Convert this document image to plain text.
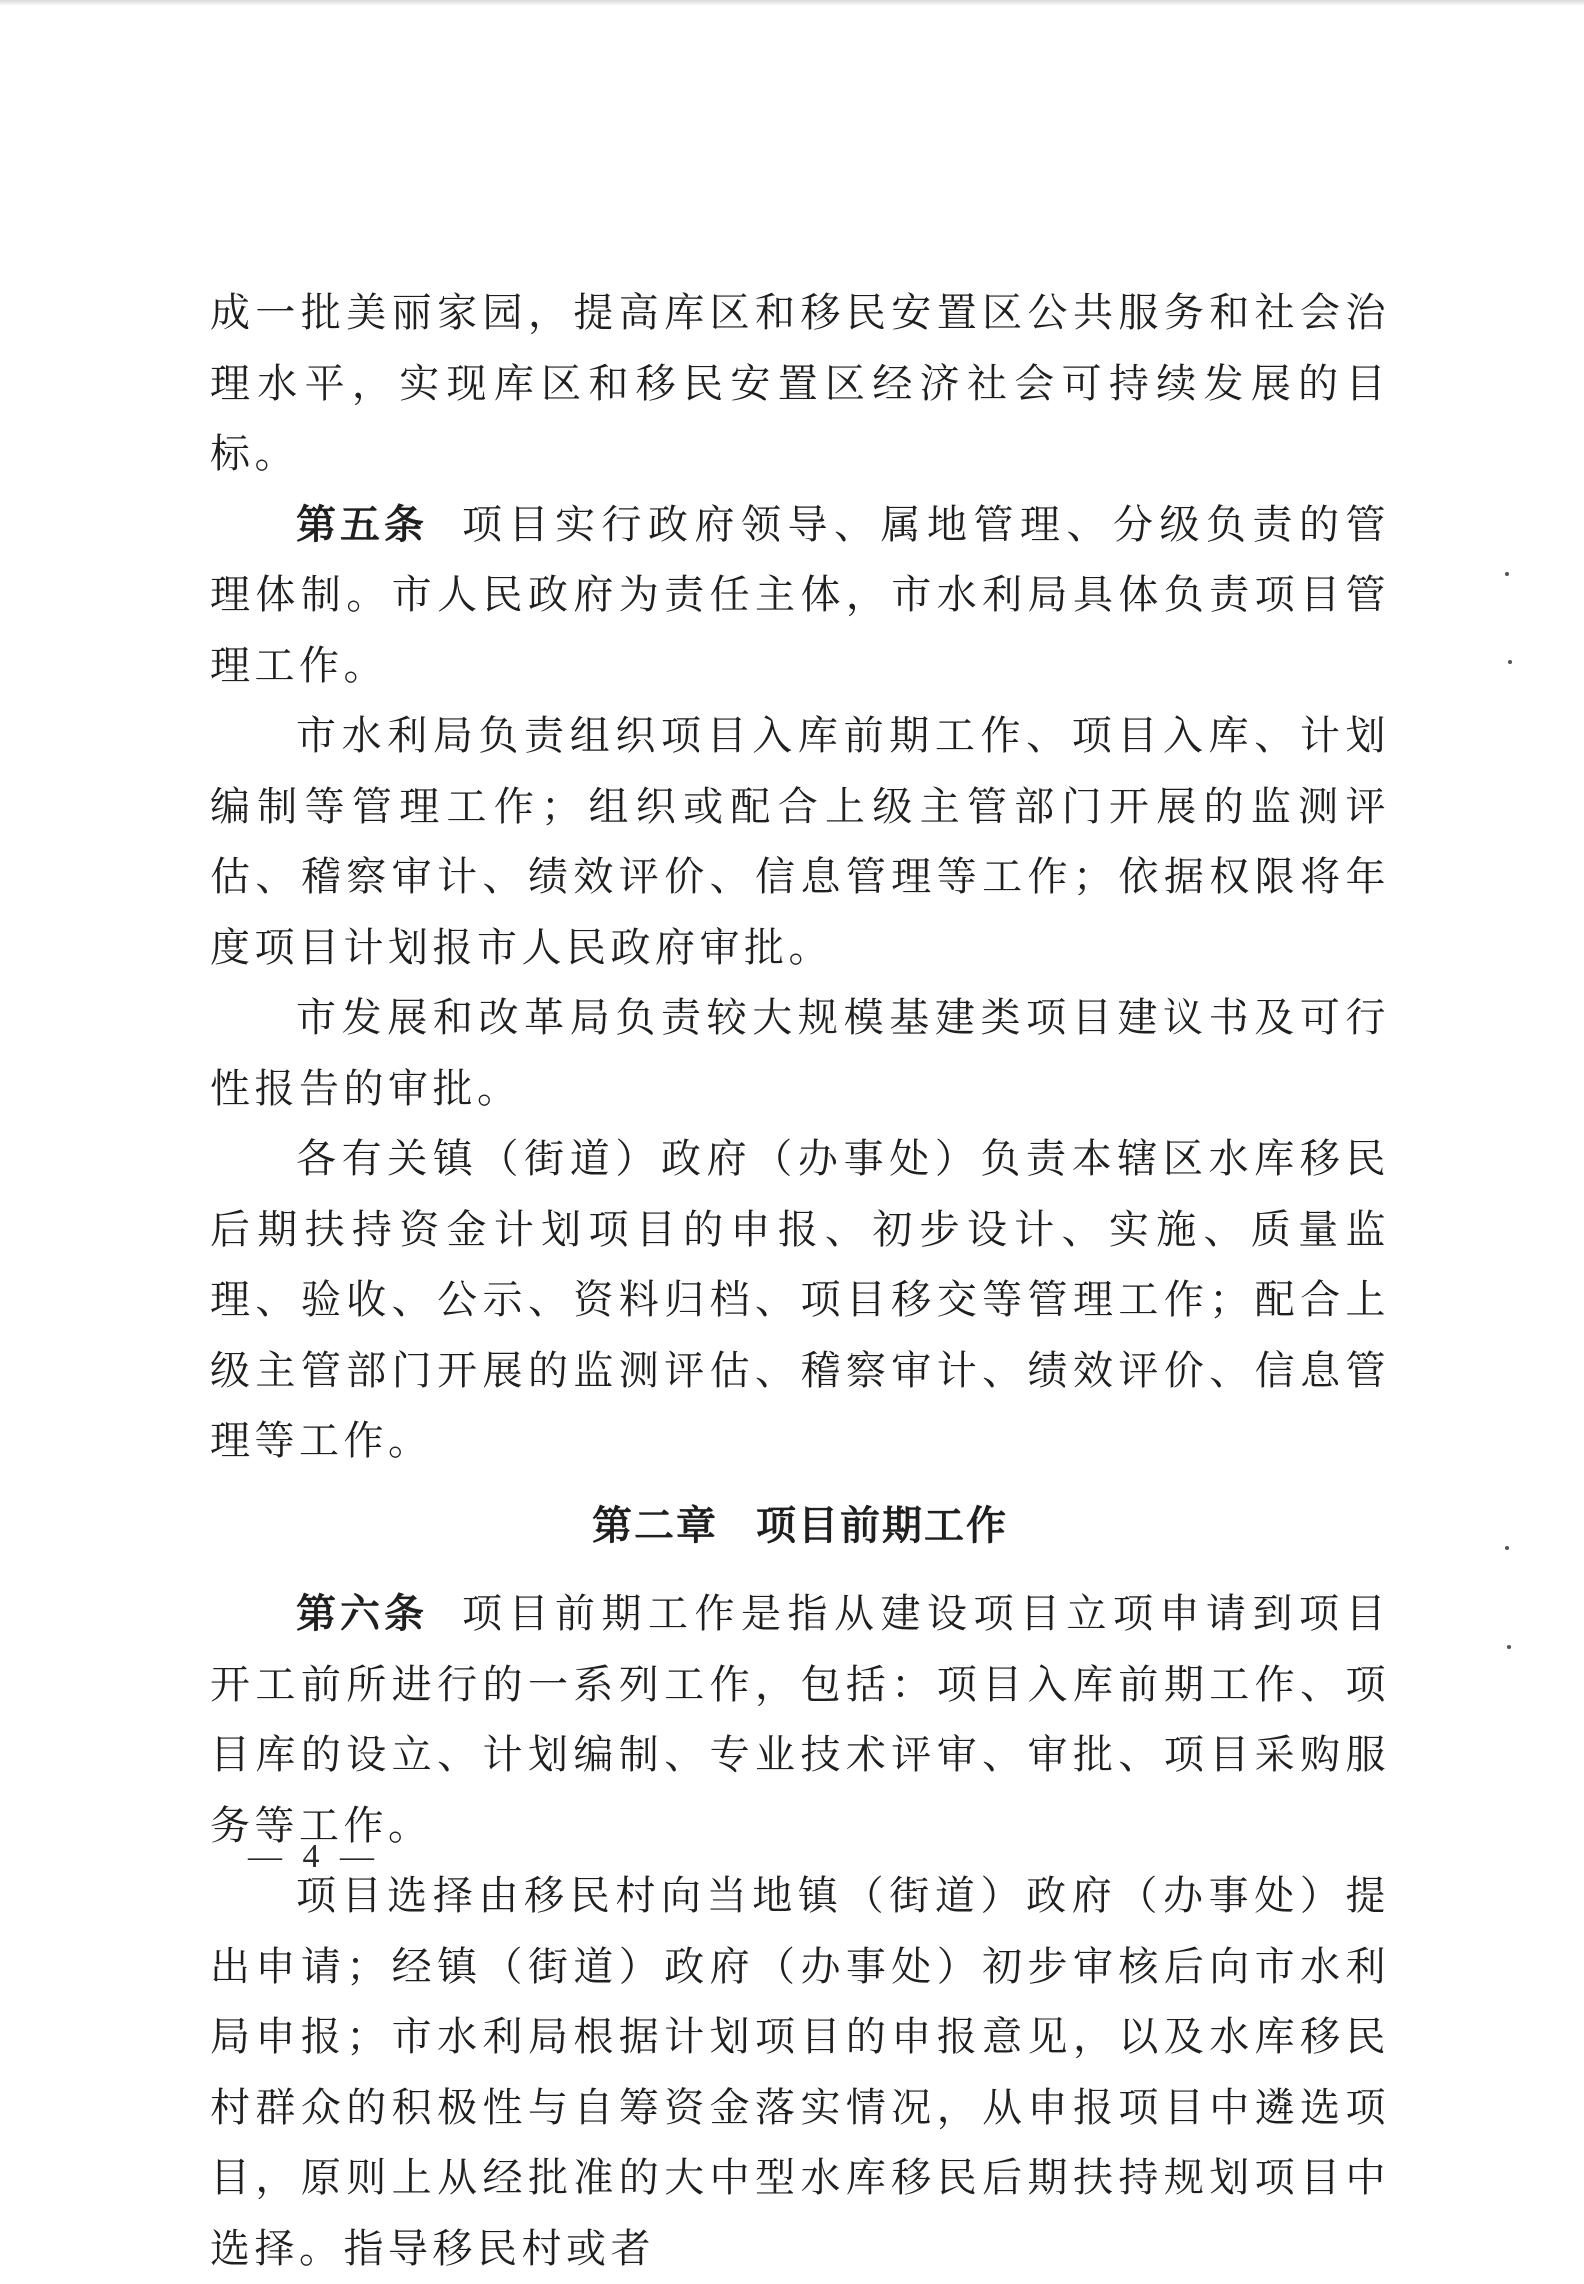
成一批美丽家园，提高库区和移民安置区公共服务和社会治理水平，实现库区和移民安置区经济社会可持续发展的目标。

第五条 项目实行政府领导、属地管理、分级负责的管理体制。市人民政府为责任主体，市水利局具体负责项目管理工作。

市水利局负责组织项目入库前期工作、项目入库、计划编制等管理工作；组织或配合上级主管部门开展的监测评估、稽察审计、绩效评价、信息管理等工作；依据权限将年度项目计划报市人民政府审批。

市发展和改革局负责较大规模基建类项目建议书及可行性报告的审批。

各有关镇（街道）政府（办事处）负责本辖区水库移民后期扶持资金计划项目的申报、初步设计、实施、质量监理、验收、公示、资料归档、项目移交等管理工作；配合上级主管部门开展的监测评估、稽察审计、绩效评价、信息管理等工作。

第二章 项目前期工作

第六条 项目前期工作是指从建设项目立项申请到项目开工前所进行的一系列工作，包括：项目入库前期工作、项目库的设立、计划编制、专业技术评审、审批、项目采购服务等工作。

项目选择由移民村向当地镇（街道）政府（办事处）提出申请；经镇（街道）政府（办事处）初步审核后向市水利局申报；市水利局根据计划项目的申报意见，以及水库移民村群众的积极性与自筹资金落实情况，从申报项目中遴选项目，原则上从经批准的大中型水库移民后期扶持规划项目中选择。指导移民村或者

— 4 —
